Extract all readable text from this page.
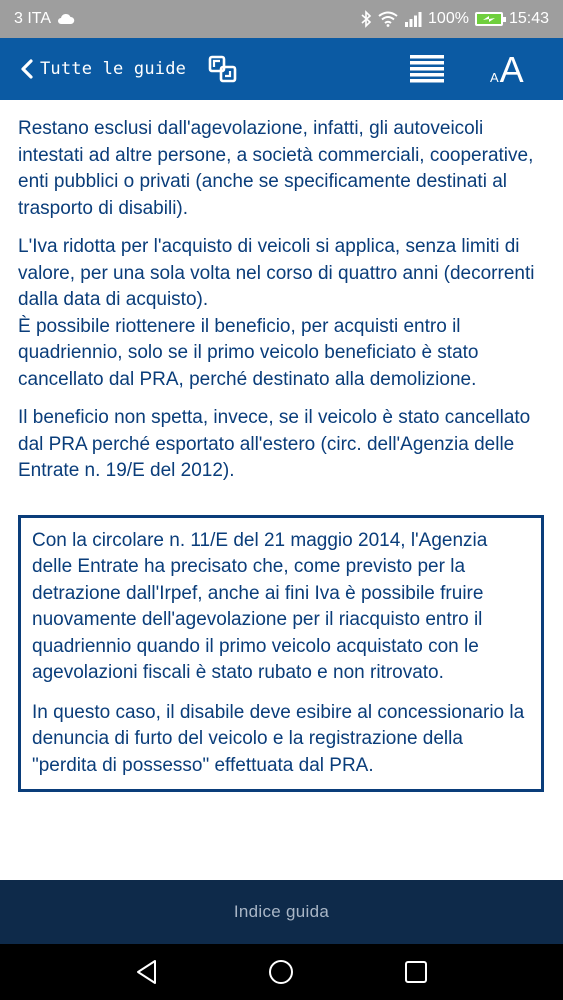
3 ITA	100%	15:43
Tutte le guide	A A

Restano esclusi dall'agevolazione, infatti, gli autoveicoli intestati ad altre persone, a società commerciali, cooperative, enti pubblici o privati (anche se specificamente destinati al trasporto di disabili).

L'Iva ridotta per l'acquisto di veicoli si applica, senza limiti di valore, per una sola volta nel corso di quattro anni (decorrenti dalla data di acquisto).

È possibile riottenere il beneficio, per acquisti entro il quadriennio, solo se il primo veicolo beneficiato è stato cancellato dal PRA, perché destinato alla demolizione.

Il beneficio non spetta, invece, se il veicolo è stato cancellato dal PRA perché esportato all'estero (circ. dell'Agenzia delle Entrate n. 19/E del 2012).

Con la circolare n. 11/E del 21 maggio 2014, l'Agenzia delle Entrate ha precisato che, come previsto per la detrazione dall'Irpef, anche ai fini Iva è possibile fruire nuovamente dell'agevolazione per il riacquisto entro il quadriennio quando il primo veicolo acquistato con le agevolazioni fiscali è stato rubato e non ritrovato.

In questo caso, il disabile deve esibire al concessionario la denuncia di furto del veicolo e la registrazione della "perdita di possesso" effettuata dal PRA.

Indice guida
